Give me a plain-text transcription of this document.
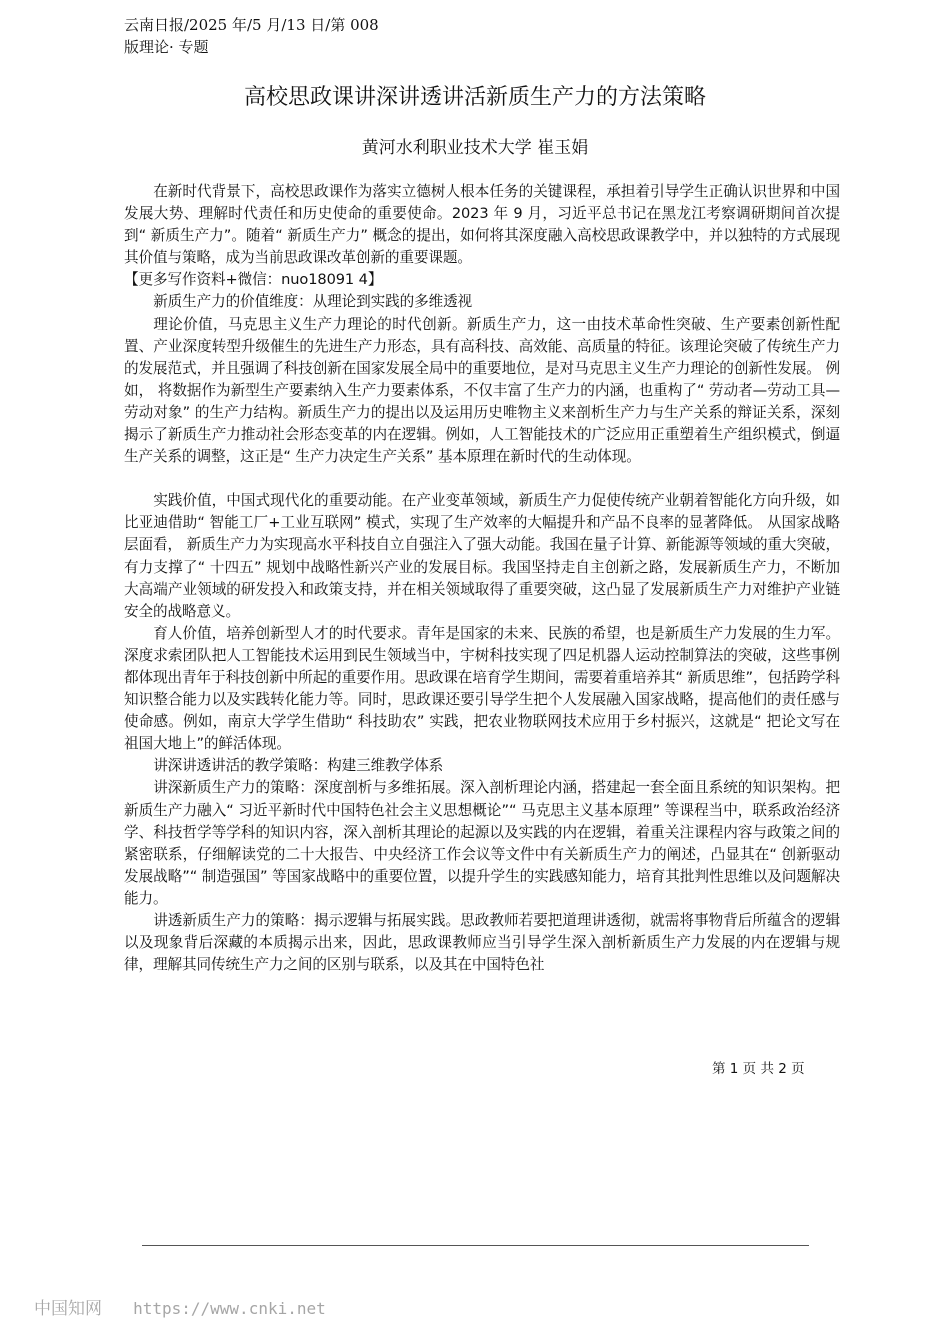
云南日报/2025 年/5 月/13 日/第 008
版理论· 专题
高校思政课讲深讲透讲活新质生产力的方法策略
黄河水利职业技术大学 崔玉娟

在新时代背景下，高校思政课作为落实立德树人根本任务的关键课程，承担着引导学生正确认识世界和中国发展大势、理解时代责任和历史使命的重要使命。2023 年 9 月，习近平总书记在黑龙江考察调研期间首次提到“ 新质生产力”。随着“ 新质生产力” 概念的提出，如何将其深度融入高校思政课教学中，并以独特的方式展现其价值与策略，成为当前思政课改革创新的重要课题。

【更多写作资料+微信：nuo18091 4】

新质生产力的价值维度：从理论到实践的多维透视

理论价值，马克思主义生产力理论的时代创新。新质生产力，这一由技术革命性突破、生产要素创新性配置、产业深度转型升级催生的先进生产力形态，具有高科技、高效能、高质量的特征。该理论突破了传统生产力的发展范式，并且强调了科技创新在国家发展全局中的重要地位，是对马克思主义生产力理论的创新性发展。 例如， 将数据作为新型生产要素纳入生产力要素体系，不仅丰富了生产力的内涵，也重构了“ 劳动者—劳动工具—劳动对象” 的生产力结构。新质生产力的提出以及运用历史唯物主义来剖析生产力与生产关系的辩证关系，深刻揭示了新质生产力推动社会形态变革的内在逻辑。例如，人工智能技术的广泛应用正重塑着生产组织模式，倒逼生产关系的调整，这正是“ 生产力决定生产关系” 基本原理在新时代的生动体现。

实践价值，中国式现代化的重要动能。在产业变革领域，新质生产力促使传统产业朝着智能化方向升级，如比亚迪借助“ 智能工厂+工业互联网” 模式，实现了生产效率的大幅提升和产品不良率的显著降低。 从国家战略层面看， 新质生产力为实现高水平科技自立自强注入了强大动能。我国在量子计算、新能源等领域的重大突破，有力支撑了“ 十四五” 规划中战略性新兴产业的发展目标。我国坚持走自主创新之路，发展新质生产力，不断加大高端产业领域的研发投入和政策支持，并在相关领域取得了重要突破，这凸显了发展新质生产力对维护产业链安全的战略意义。

育人价值，培养创新型人才的时代要求。青年是国家的未来、民族的希望，也是新质生产力发展的生力军。深度求索团队把人工智能技术运用到民生领域当中，宇树科技实现了四足机器人运动控制算法的突破，这些事例都体现出青年于科技创新中所起的重要作用。思政课在培育学生期间，需要着重培养其“ 新质思维”，包括跨学科知识整合能力以及实践转化能力等。同时，思政课还要引导学生把个人发展融入国家战略，提高他们的责任感与使命感。例如，南京大学学生借助“ 科技助农” 实践，把农业物联网技术应用于乡村振兴，这就是“ 把论文写在祖国大地上”的鲜活体现。

讲深讲透讲活的教学策略：构建三维教学体系

讲深新质生产力的策略：深度剖析与多维拓展。深入剖析理论内涵，搭建起一套全面且系统的知识架构。把新质生产力融入“ 习近平新时代中国特色社会主义思想概论”“ 马克思主义基本原理” 等课程当中，联系政治经济学、科技哲学等学科的知识内容，深入剖析其理论的起源以及实践的内在逻辑，着重关注课程内容与政策之间的紧密联系，仔细解读党的二十大报告、中央经济工作会议等文件中有关新质生产力的阐述，凸显其在“ 创新驱动发展战略”“ 制造强国” 等国家战略中的重要位置，以提升学生的实践感知能力，培育其批判性思维以及问题解决能力。

讲透新质生产力的策略：揭示逻辑与拓展实践。思政教师若要把道理讲透彻，就需将事物背后所蕴含的逻辑以及现象背后深藏的本质揭示出来，因此，思政课教师应当引导学生深入剖析新质生产力发展的内在逻辑与规律，理解其同传统生产力之间的区别与联系，以及其在中国特色社

第 1 页 共 2 页
中国知网 https://www.cnki.net
